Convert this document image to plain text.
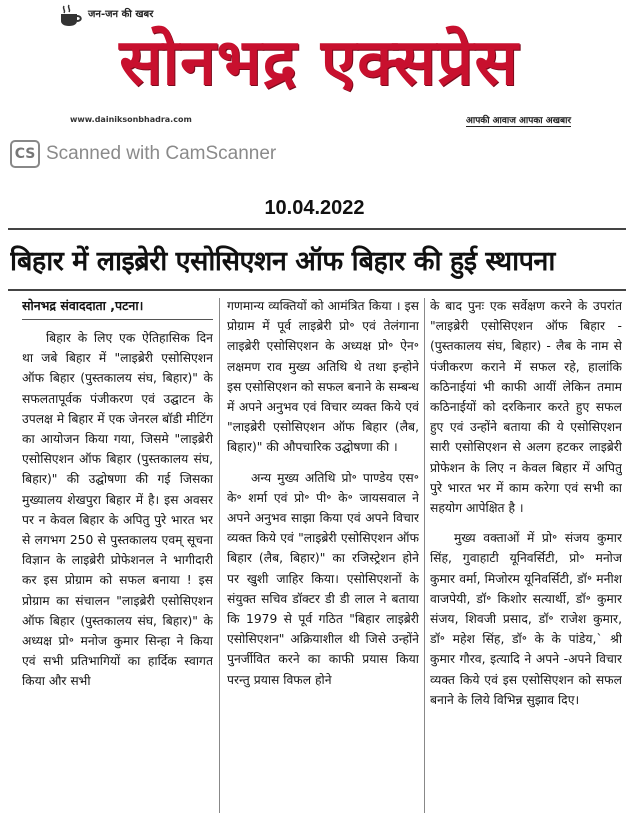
जन-जन की खबर
सोनभद्र एक्सप्रेस
www.dainiksonbhadra.com	आपकी आवाज आपका अखबार
CS Scanned with CamScanner
10.04.2022
बिहार में लाइब्रेरी एसोसिएशन ऑफ बिहार की हुई स्थापना
सोनभद्र संवाददाता ,पटना।

बिहार के लिए एक ऐतिहासिक दिन था जबे बिहार में "लाइब्रेरी एसोसिएशन ऑफ बिहार (पुस्तकालय संघ, बिहार)" के सफलतापूर्वक पंजीकरण एवं उद्घाटन के उपलक्ष मे बिहार में एक जेनरल बॉडी मीटिंग का आयोजन किया गया, जिसमे "लाइब्रेरी एसोसिएशन ऑफ बिहार (पुस्तकालय संघ, बिहार)" की उद्घोषणा की गई जिसका मुख्यालय शेखपुरा बिहार में है। इस अवसर पर न केवल बिहार के अपितु पुरे भारत भर से लगभग 250 से पुस्तकालय एवम् सूचना विज्ञान के लाइब्रेरी प्रोफेशनल ने भागीदारी कर इस प्रोग्राम को सफल बनाया ! इस प्रोग्राम का संचालन "लाइब्रेरी एसोसिएशन ऑफ बिहार (पुस्तकालय संघ, बिहार)" के अध्यक्ष प्रो॰ मनोज कुमार सिन्हा ने किया एवं सभी प्रतिभागियों का हार्दिक स्वागत किया और सभी

गणमान्य व्यक्तियों को आमंत्रित किया । इस प्रोग्राम में पूर्व लाइब्रेरी प्रो॰ एवं तेलंगाना लाइब्रेरी एसोसिएशन के अध्यक्ष प्रो॰ ऐन॰ लक्षमण राव मुख्य अतिथि थे तथा इन्होने इस एसोसिएशन को सफल बनाने के सम्बन्ध में अपने अनुभव एवं विचार व्यक्त किये एवं "लाइब्रेरी एसोसिएशन ऑफ बिहार (लैब, बिहार)" की औपचारिक उद्घोषणा की ।

अन्य मुख्य अतिथि प्रो॰ पाण्डेय एस॰ के॰ शर्मा एवं प्रो॰ पी॰ के॰ जायसवाल ने अपने अनुभव साझा किया एवं अपने विचार व्यक्त किये एवं "लाइब्रेरी एसोसिएशन ऑफ बिहार (लैब, बिहार)" का रजिस्ट्रेशन होने पर खुशी जाहिर किया। एसोसिएशनों के संयुक्त सचिव डॉक्टर डी डी लाल ने बताया कि 1979 से पूर्व गठित "बिहार लाइब्रेरी एसोसिएशन" अक्रियाशील थी जिसे उन्होंने पुनर्जीवित करने का काफी प्रयास किया परन्तु प्रयास विफल होने

के बाद पुनः एक सर्वेक्षण करने के उपरांत "लाइब्रेरी एसोसिएशन ऑफ बिहार - (पुस्तकालय संघ, बिहार) - लैब के नाम से पंजीकरण कराने में सफल रहे, हालांकि कठिनाईयां भी काफी आयीं लेकिन तमाम कठिनाईयों को दरकिनार करते हुए सफल हुए एवं उन्होंने बताया की ये एसोसिएशन सारी एसोसिएशन से अलग हटकर लाइब्रेरी प्रोफेशन के लिए न केवल बिहार में अपितु पुरे भारत भर में काम करेगा एवं सभी का सहयोग आपेक्षित है ।

मुख्य वक्ताओं में प्रो॰ संजय कुमार सिंह, गुवाहाटी यूनिवर्सिटी, प्रो॰ मनोज कुमार वर्मा, मिजोरम यूनिवर्सिटी, डॉ॰ मनीश वाजपेयी, डॉ॰ किशोर सत्यार्थी, डॉ॰ कुमार संजय, शिवजी प्रसाद, डॉ॰ राजेश कुमार, डॉ॰ महेश सिंह, डॉ॰ के के पांडेय,` श्री कुमार गौरव, इत्यादि ने अपने -अपने विचार व्यक्त किये एवं इस एसोसिएशन को सफल बनाने के लिये विभिन्न सुझाव दिए।
